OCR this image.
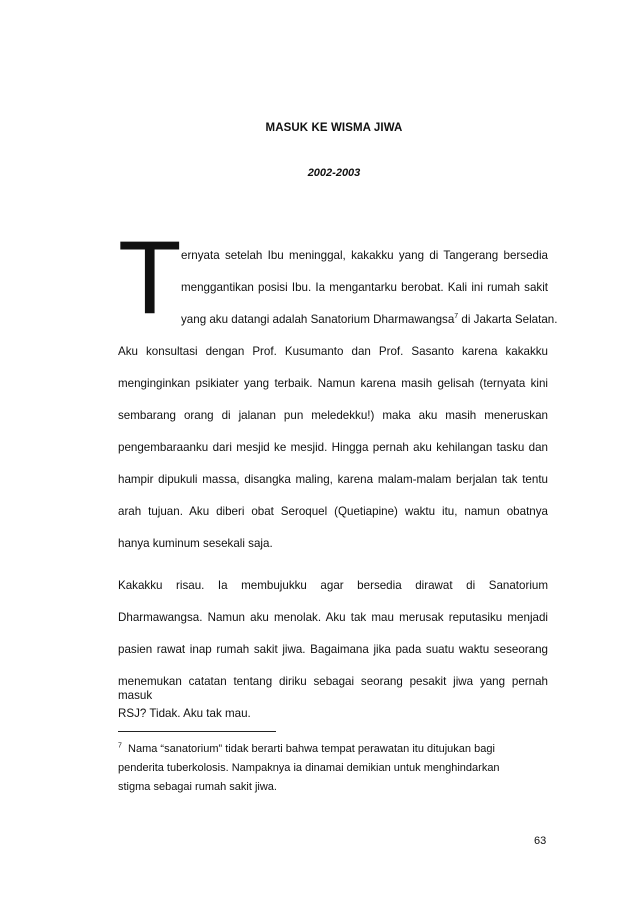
MASUK KE WISMA JIWA
2002-2003
T ernyata setelah Ibu meninggal, kakakku yang di Tangerang bersedia
menggantikan posisi Ibu. Ia mengantarku berobat. Kali ini rumah sakit
yang aku datangi adalah Sanatorium Dharmawangsa$^7$ di Jakarta Selatan.
Aku konsultasi dengan Prof. Kusumanto dan Prof. Sasanto karena kakakku
menginginkan psikiater yang terbaik. Namun karena masih gelisah (ternyata kini
sembarang orang di jalanan pun meledekku!) maka aku masih meneruskan
pengembaraanku dari mesjid ke mesjid. Hingga pernah aku kehilangan tasku dan
hampir dipukuli massa, disangka maling, karena malam-malam berjalan tak tentu
arah tujuan. Aku diberi obat Seroquel (Quetiapine) waktu itu, namun obatnya
hanya kuminum sesekali saja.
Kakakku risau. Ia membujukku agar bersedia dirawat di Sanatorium
Dharmawangsa. Namun aku menolak. Aku tak mau merusak reputasiku menjadi
pasien rawat inap rumah sakit jiwa. Bagaimana jika pada suatu waktu seseorang
menemukan catatan tentang diriku sebagai seorang pesakit jiwa yang pernah masuk
RSJ? Tidak. Aku tak mau.
$^7$ Nama “sanatorium” tidak berarti bahwa tempat perawatan itu ditujukan bagi
penderita tuberkolosis. Nampaknya ia dinamai demikian untuk menghindarkan
stigma sebagai rumah sakit jiwa.
63
